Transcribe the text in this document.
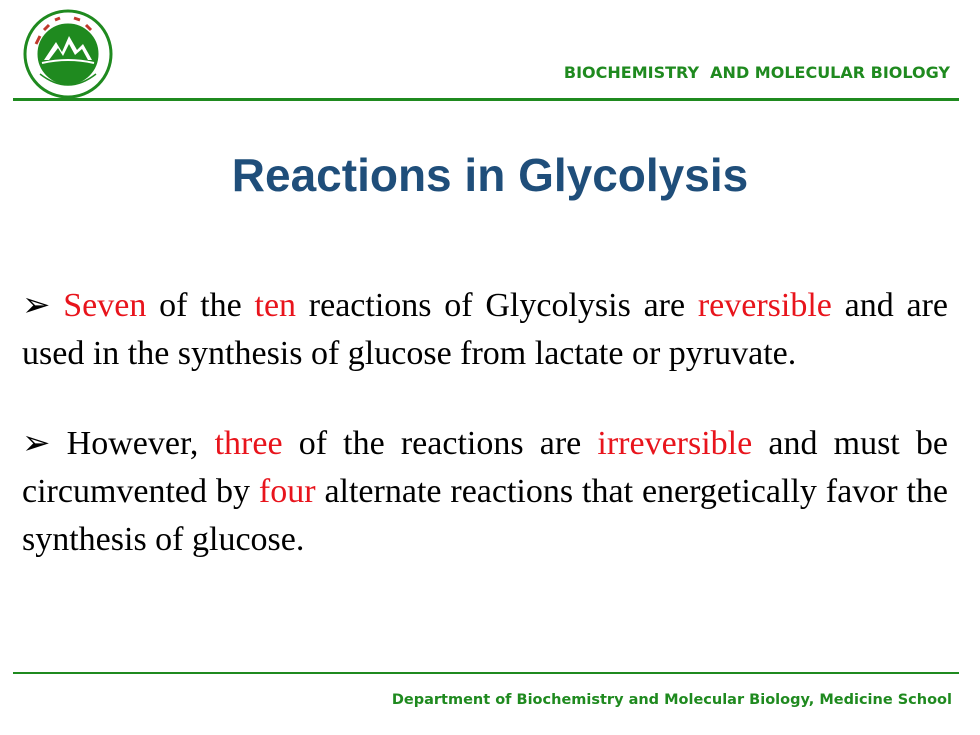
BIOCHEMISTRY  AND MOLECULAR BIOLOGY
Reactions in Glycolysis
➢ Seven of the ten reactions of Glycolysis are reversible and are used in the synthesis of glucose from lactate or pyruvate.
➢ However, three of the reactions are irreversible and must be circumvented by four alternate reactions that energetically favor the synthesis of glucose.
Department of Biochemistry and Molecular Biology, Medicine School
